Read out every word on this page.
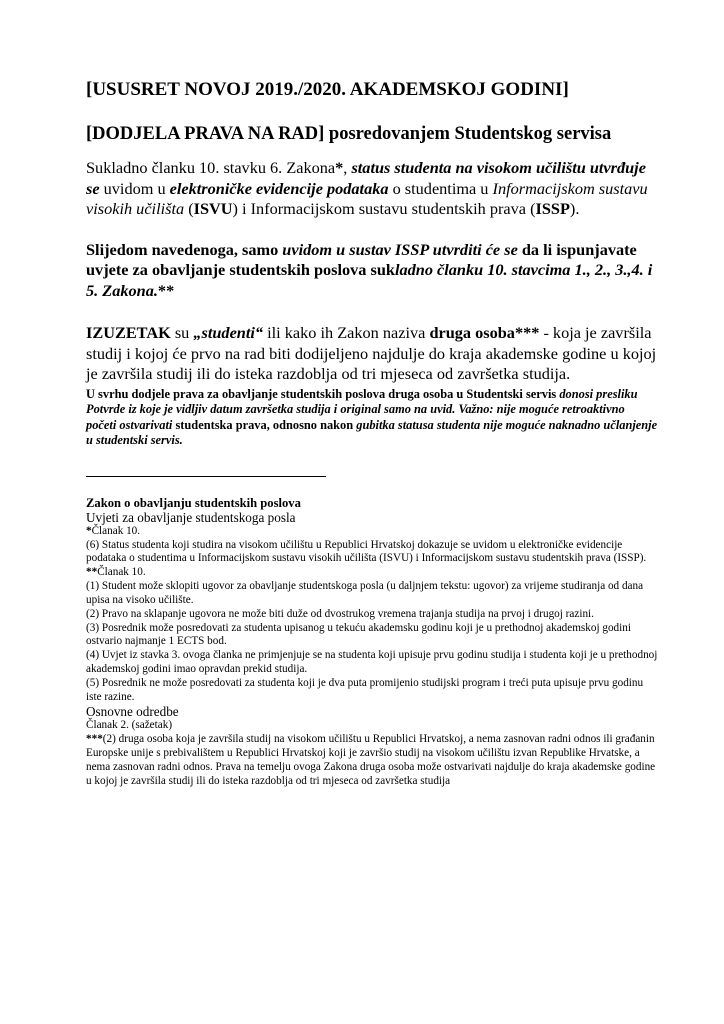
[USUSRET NOVOJ 2019./2020. AKADEMSKOJ GODINI]
[DODJELA PRAVA NA RAD] posredovanjem Studentskog servisa

Sukladno članku 10. stavku 6. Zakona*, status studenta na visokom učilištu utvrđuje se uvidom u elektroničke evidencije podataka o studentima u Informacijskom sustavu visokih učilišta (ISVU) i Informacijskom sustavu studentskih prava (ISSP).

Slijedom navedenoga, samo uvidom u sustav ISSP utvrditi će se da li ispunjavate uvjete za obavljanje studentskih poslova sukladno članku 10. stavcima 1., 2., 3.,4. i 5. Zakona.**

IZUZETAK su „studenti“ ili kako ih Zakon naziva druga osoba*** - koja je završila studij i kojoj će prvo na rad biti dodijeljeno najdulje do kraja akademske godine u kojoj je završila studij ili do isteka razdoblja od tri mjeseca od završetka studija.

U svrhu dodjele prava za obavljanje studentskih poslova druga osoba u Studentski servis donosi presliku Potvrde iz koje je vidljiv datum završetka studija i original samo na uvid. Važno: nije moguće retroaktivno početi ostvarivati studentska prava, odnosno nakon gubitka statusa studenta nije moguće naknadno učlanjenje u studentski servis.

Zakon o obavljanju studentskih poslova

Uvjeti za obavljanje studentskoga posla

*Članak 10.

(6) Status studenta koji studira na visokom učilištu u Republici Hrvatskoj dokazuje se uvidom u elektroničke evidencije podataka o studentima u Informacijskom sustavu visokih učilišta (ISVU) i Informacijskom sustavu studentskih prava (ISSP).

**Članak 10.

(1) Student može sklopiti ugovor za obavljanje studentskoga posla (u daljnjem tekstu: ugovor) za vrijeme studiranja od dana upisa na visoko učilište.

(2) Pravo na sklapanje ugovora ne može biti duže od dvostrukog vremena trajanja studija na prvoj i drugoj razini.

(3) Posrednik može posredovati za studenta upisanog u tekuću akademsku godinu koji je u prethodnoj akademskoj godini ostvario najmanje 1 ECTS bod.

(4) Uvjet iz stavka 3. ovoga članka ne primjenjuje se na studenta koji upisuje prvu godinu studija i studenta koji je u prethodnoj akademskoj godini imao opravdan prekid studija.

(5) Posrednik ne može posredovati za studenta koji je dva puta promijenio studijski program i treći puta upisuje prvu godinu iste razine.

Osnovne odredbe

Članak 2. (sažetak)

***(2) druga osoba koja je završila studij na visokom učilištu u Republici Hrvatskoj, a nema zasnovan radni odnos ili građanin Europske unije s prebivalištem u Republici Hrvatskoj koji je završio studij na visokom učilištu izvan Republike Hrvatske, a nema zasnovan radni odnos. Prava na temelju ovoga Zakona druga osoba može ostvarivati najdulje do kraja akademske godine u kojoj je završila studij ili do isteka razdoblja od tri mjeseca od završetka studija
